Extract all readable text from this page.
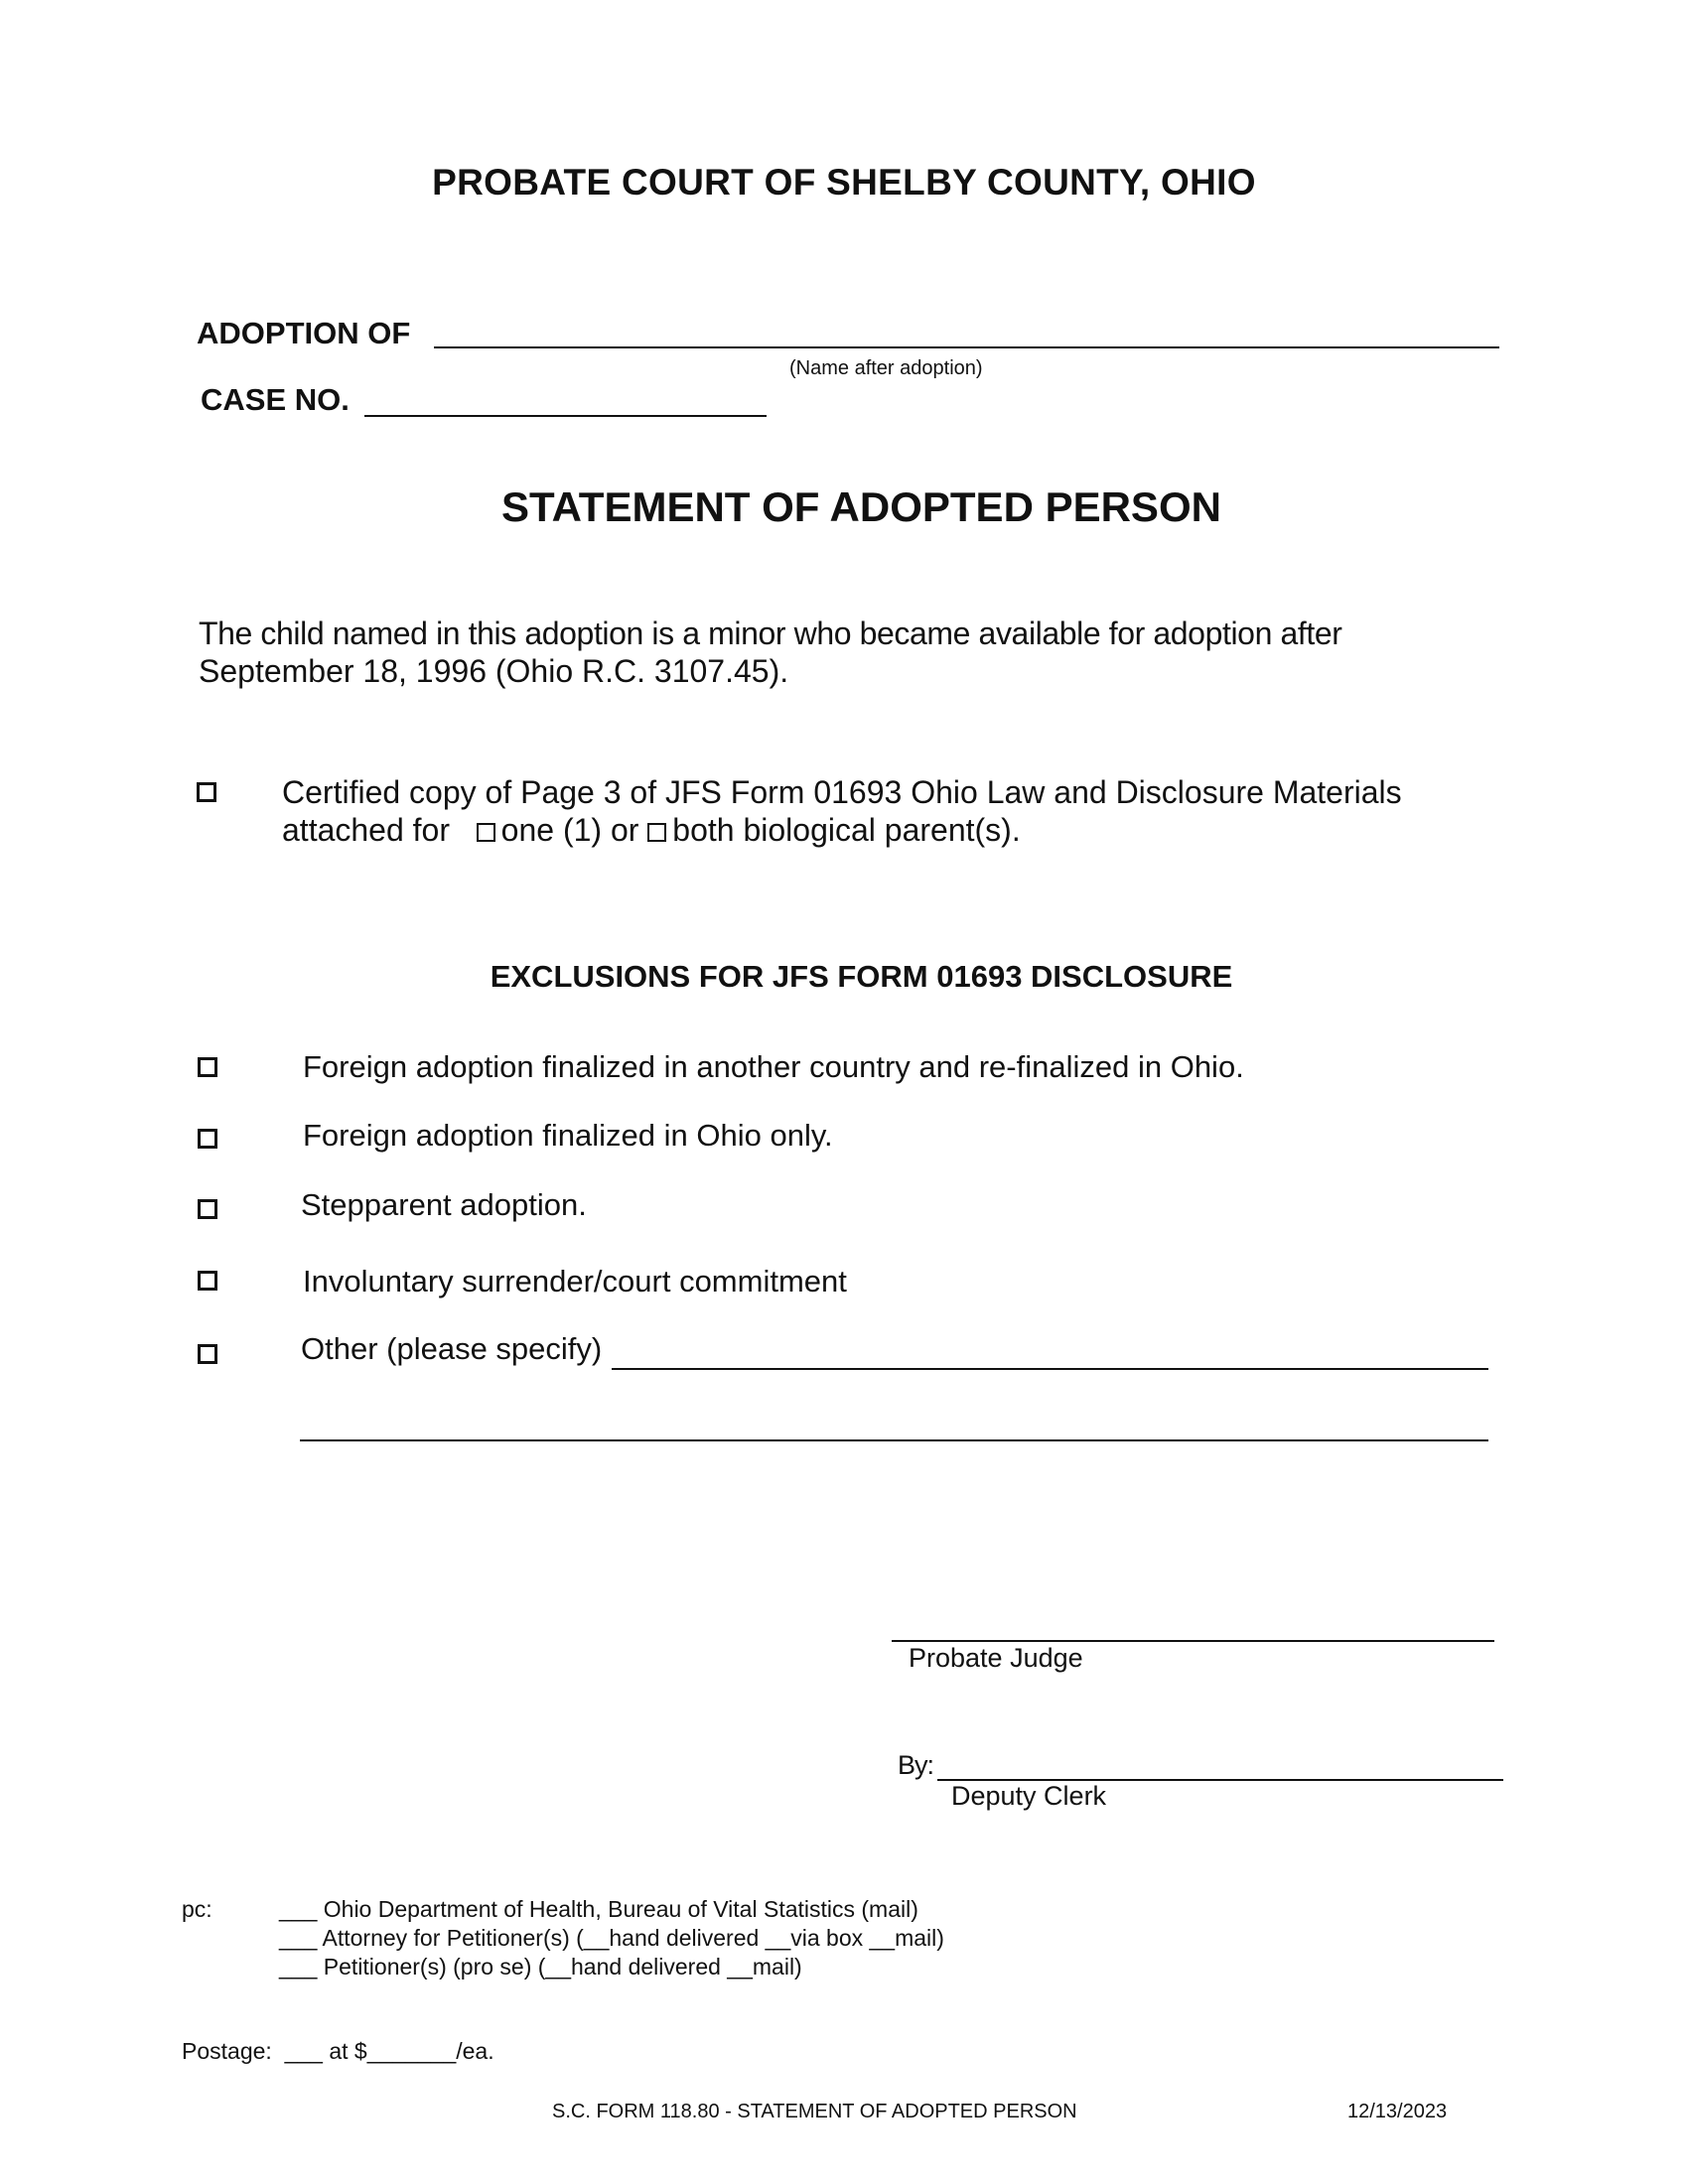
PROBATE COURT OF SHELBY COUNTY, OHIO
ADOPTION OF
(Name after adoption)
CASE NO.
STATEMENT OF ADOPTED PERSON
The child named in this adoption is a minor who became available for adoption after
September 18, 1996 (Ohio R.C. 3107.45).
Certified copy of Page 3 of JFS Form 01693 Ohio Law and Disclosure Materials
attached for one (1) or both biological parent(s).
EXCLUSIONS FOR JFS FORM 01693 DISCLOSURE
Foreign adoption finalized in another country and re-finalized in Ohio.
Foreign adoption finalized in Ohio only.
Stepparent adoption.
Involuntary surrender/court commitment
Other (please specify)
Probate Judge
By:
Deputy Clerk
pc:	___ Ohio Department of Health, Bureau of Vital Statistics (mail)
___ Attorney for Petitioner(s) (__hand delivered __via box __mail)
___ Petitioner(s) (pro se) (__hand delivered __mail)
Postage:  ___ at $_______/ea.
S.C. FORM 118.80 - STATEMENT OF ADOPTED PERSON	12/13/2023
